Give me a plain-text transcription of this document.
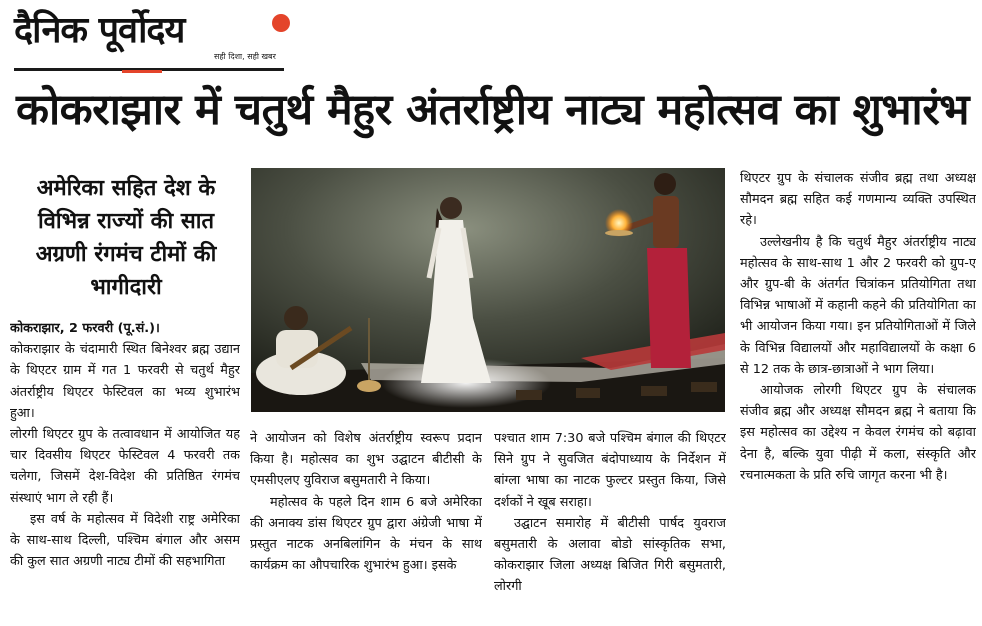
दैनिक पूर्वोदय
सही दिशा, सही खबर
कोकराझार में चतुर्थ मैहुर अंतर्राष्ट्रीय नाट्य महोत्सव का शुभारंभ
अमेरिका सहित देश के विभिन्न राज्यों की सात अग्रणी रंगमंच टीमों की भागीदारी

कोकराझार, 2 फरवरी (पू.सं.)।

कोकराझार के चंदामारी स्थित बिनेश्वर ब्रह्म उद्यान के थिएटर ग्राम में गत 1 फरवरी से चतुर्थ मैहुर अंतर्राष्ट्रीय थिएटर फेस्टिवल का भव्य शुभारंभ हुआ।

लोरगी थिएटर ग्रुप के तत्वावधान में आयोजित यह चार दिवसीय थिएटर फेस्टिवल 4 फरवरी तक चलेगा, जिसमें देश-विदेश की प्रतिष्ठित रंगमंच संस्थाएं भाग ले रही हैं।

इस वर्ष के महोत्सव में विदेशी राष्ट्र अमेरिका के साथ-साथ दिल्ली, पश्चिम बंगाल और असम की कुल सात अग्रणी नाट्य टीमों की सहभागिता

ने आयोजन को विशेष अंतर्राष्ट्रीय स्वरूप प्रदान किया है। महोत्सव का शुभ उद्घाटन बीटीसी के एमसीएलए युविराज बसुमतारी ने किया।

महोत्सव के पहले दिन शाम 6 बजे अमेरिका की अनाक्य डांस थिएटर ग्रुप द्वारा अंग्रेजी भाषा में प्रस्तुत नाटक अनबिलांगिन के मंचन के साथ कार्यक्रम का औपचारिक शुभारंभ हुआ। इसके

पश्चात शाम 7:30 बजे पश्चिम बंगाल की थिएटर सिने ग्रुप ने सुवजित बंदोपाध्याय के निर्देशन में बांग्ला भाषा का नाटक फुल्टर प्रस्तुत किया, जिसे दर्शकों ने खूब सराहा।

उद्घाटन समारोह में बीटीसी पार्षद युवराज बसुमतारी के अलावा बोडो सांस्कृतिक सभा, कोकराझार जिला अध्यक्ष बिजित गिरी बसुमतारी, लोरगी

थिएटर ग्रुप के संचालक संजीव ब्रह्म तथा अध्यक्ष सौमदन ब्रह्म सहित कई गणमान्य व्यक्ति उपस्थित रहे।

उल्लेखनीय है कि चतुर्थ मैहुर अंतर्राष्ट्रीय नाट्य महोत्सव के साथ-साथ 1 और 2 फरवरी को ग्रुप-ए और ग्रुप-बी के अंतर्गत चित्रांकन प्रतियोगिता तथा विभिन्न भाषाओं में कहानी कहने की प्रतियोगिता का भी आयोजन किया गया। इन प्रतियोगिताओं में जिले के विभिन्न विद्यालयों और महाविद्यालयों के कक्षा 6 से 12 तक के छात्र-छात्राओं ने भाग लिया।

आयोजक लोरगी थिएटर ग्रुप के संचालक संजीव ब्रह्म और अध्यक्ष सौमदन ब्रह्म ने बताया कि इस महोत्सव का उद्देश्य न केवल रंगमंच को बढ़ावा देना है, बल्कि युवा पीढ़ी में कला, संस्कृति और रचनात्मकता के प्रति रुचि जागृत करना भी है।
